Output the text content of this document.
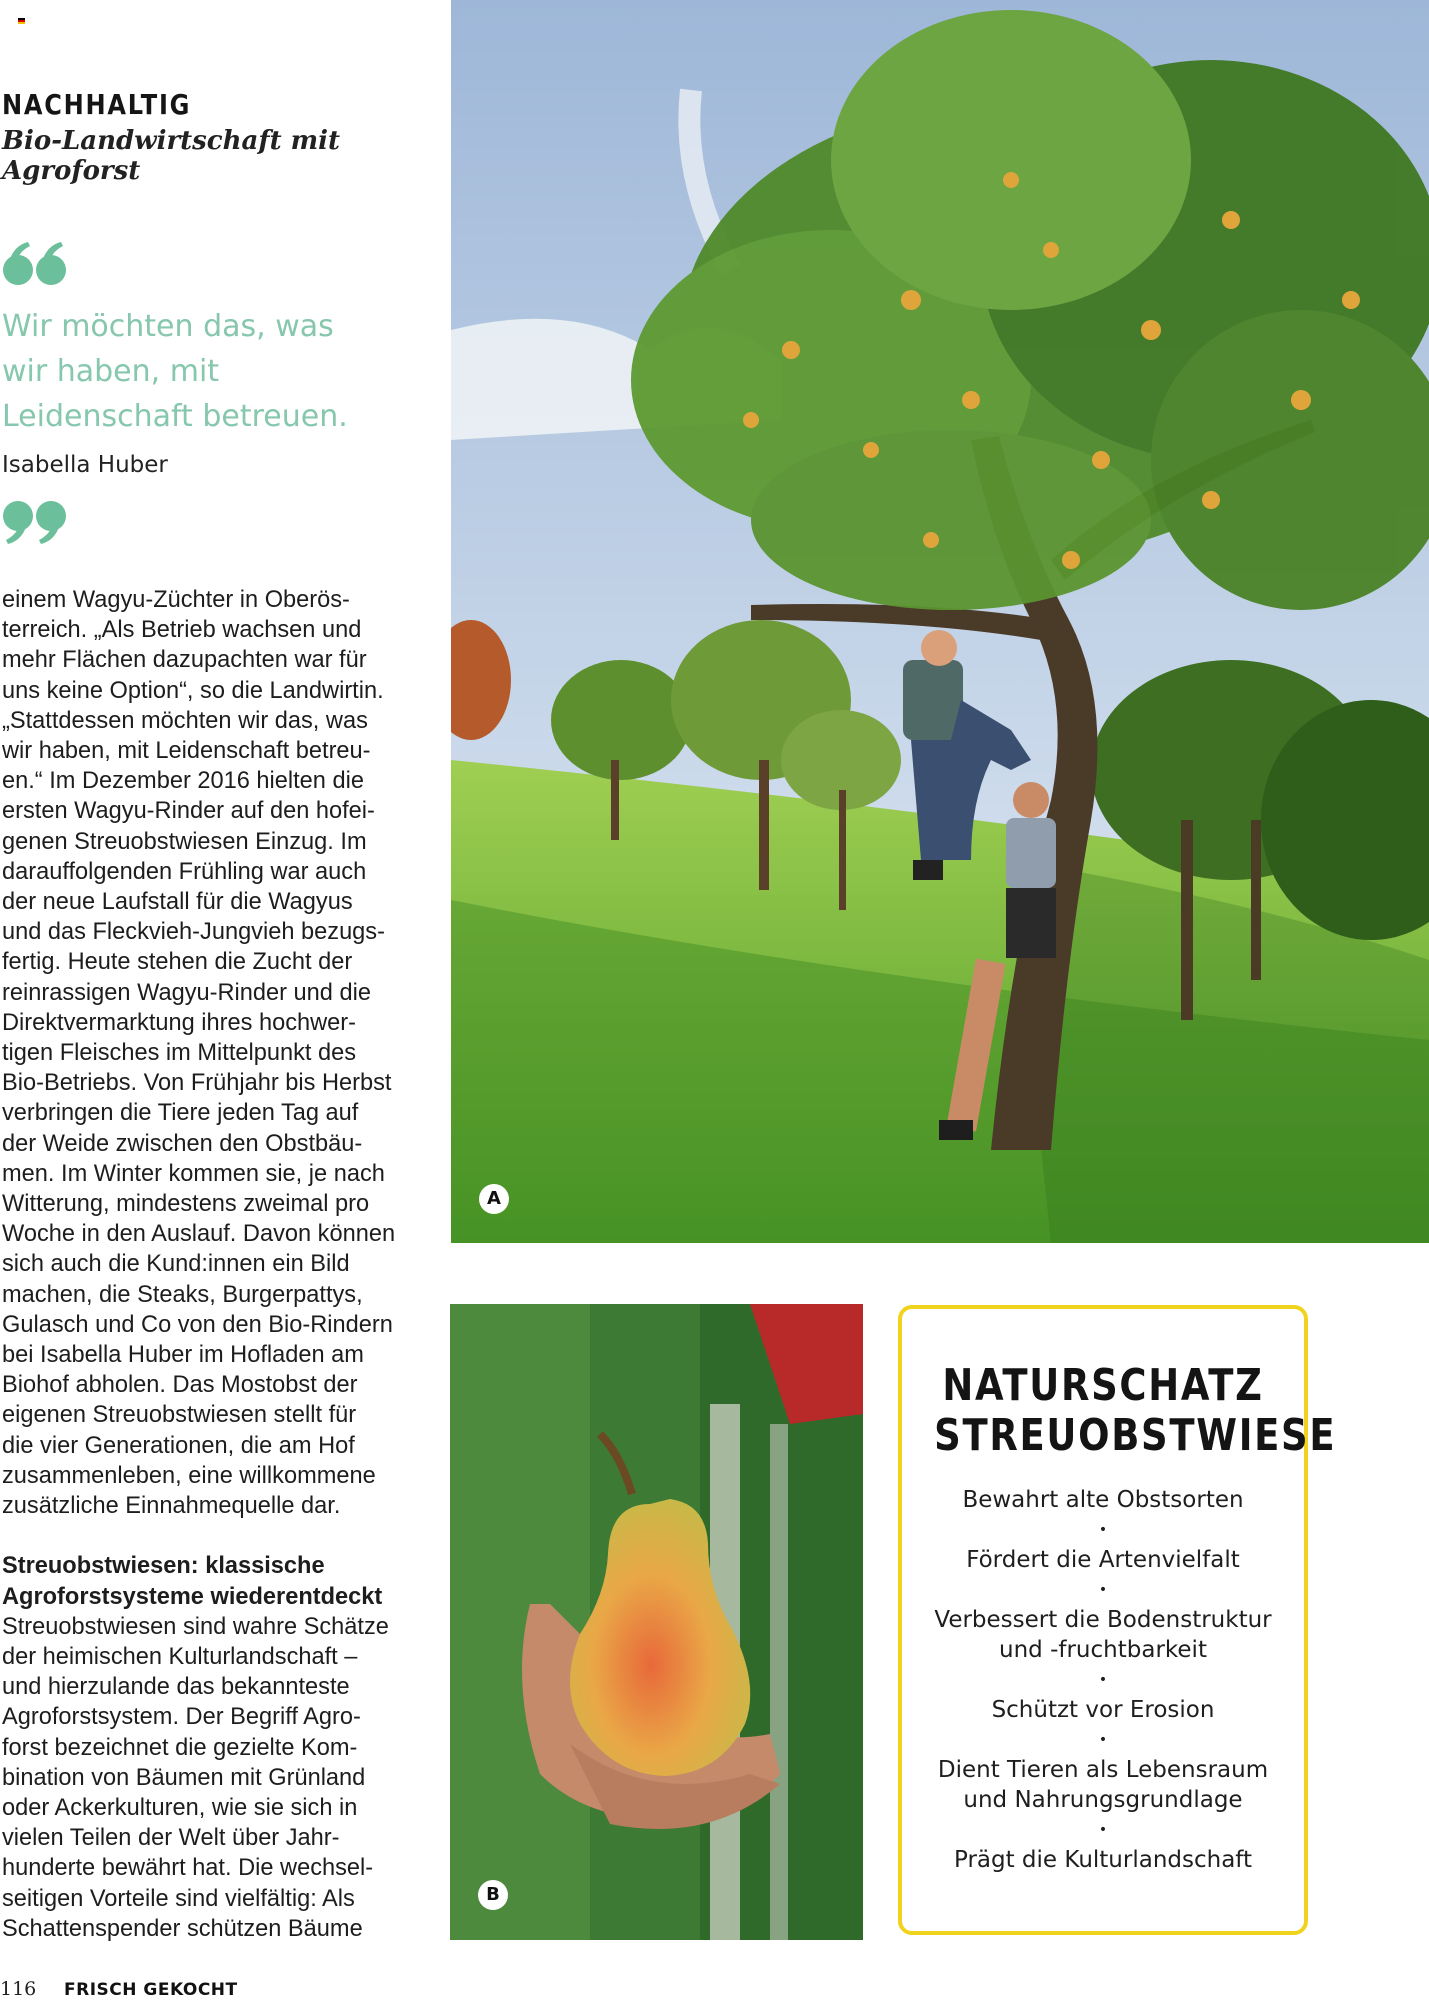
NACHHALTIG
Bio-Landwirtschaft mit Agroforst
Wir möchten das, was
wir haben, mit
Leidenschaft betreuen.

Isabella Huber

einem Wagyu-Züchter in Oberös-
terreich. „Als Betrieb wachsen und
mehr Flächen dazupachten war für
uns keine Option“, so die Landwirtin.
„Stattdessen möchten wir das, was
wir haben, mit Leidenschaft betreu-
en.“ Im Dezember 2016 hielten die
ersten Wagyu-Rinder auf den hofei-
genen Streuobstwiesen Einzug. Im
darauffolgenden Frühling war auch
der neue Laufstall für die Wagyus
und das Fleckvieh-Jungvieh bezugs-
fertig. Heute stehen die Zucht der
reinrassigen Wagyu-Rinder und die
Direktvermarktung ihres hochwer-
tigen Fleisches im Mittelpunkt des
Bio-Betriebs. Von Frühjahr bis Herbst
verbringen die Tiere jeden Tag auf
der Weide zwischen den Obstbäu-
men. Im Winter kommen sie, je nach
Witterung, mindestens zweimal pro
Woche in den Auslauf. Davon können
sich auch die Kund:innen ein Bild
machen, die Steaks, Burgerpattys,
Gulasch und Co von den Bio-Rindern
bei Isabella Huber im Hofladen am
Biohof abholen. Das Mostobst der
eigenen Streuobstwiesen stellt für
die vier Generationen, die am Hof
zusammenleben, eine willkommene
zusätzliche Einnahmequelle dar.

Streuobstwiesen: klassische
Agroforstsysteme wiederentdeckt

Streuobstwiesen sind wahre Schätze
der heimischen Kulturlandschaft –
und hierzulande das bekannteste
Agroforstsystem. Der Begriff Agro-
forst bezeichnet die gezielte Kom-
bination von Bäumen mit Grünland
oder Ackerkulturen, wie sie sich in
vielen Teilen der Welt über Jahr-
hunderte bewährt hat. Die wechsel-
seitigen Vorteile sind vielfältig: Als
Schattenspender schützen Bäume

116 FRISCH GEKOCHT
A
B
NATURSCHATZ
STREUOBSTWIESE
Bewahrt alte Obstsorten
•
Fördert die Artenvielfalt
•
Verbessert die Bodenstruktur
und -fruchtbarkeit
•
Schützt vor Erosion
•
Dient Tieren als Lebensraum
und Nahrungsgrundlage
•
Prägt die Kulturlandschaft
